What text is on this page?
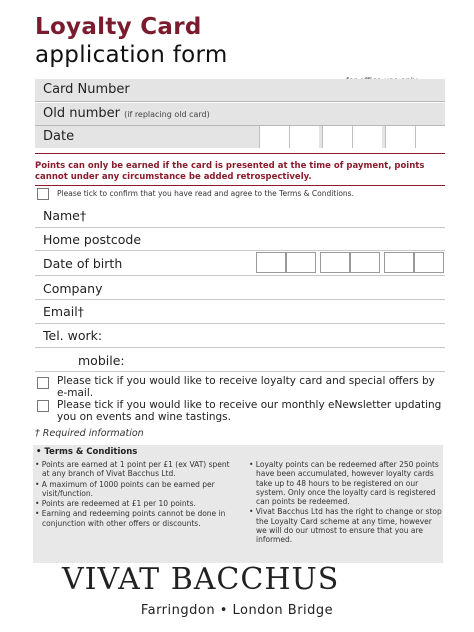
Loyalty Card
application form
Card Number
Old number (if replacing old card)
Date
Points can only be earned if the card is presented at the time of payment, points cannot under any circumstance be added retrospectively.
Please tick to confirm that you have read and agree to the Terms & Conditions.
Name†
Home postcode
Date of birth
Company
Email†
Tel. work:
mobile:
Please tick if you would like to receive loyalty card and special offers by e-mail.
Please tick if you would like to receive our monthly eNewsletter updating you on events and wine tastings.
† Required information
• Terms & Conditions
• Points are earned at 1 point per £1 (ex VAT) spent at any branch of Vivat Bacchus Ltd.
• A maximum of 1000 points can be earned per visit/function.
• Points are redeemed at £1 per 10 points.
• Earning and redeeming points cannot be done in conjunction with other offers or discounts.
• Loyalty points can be redeemed after 250 points have been accumulated, however loyalty cards take up to 48 hours to be registered on our system. Only once the loyalty card is registered can points be redeemed.
• Vivat Bacchus Ltd has the right to change or stop the Loyalty Card scheme at any time, however we will do our utmost to ensure that you are informed.
VIVAT BACCHUS
Farringdon • London Bridge
